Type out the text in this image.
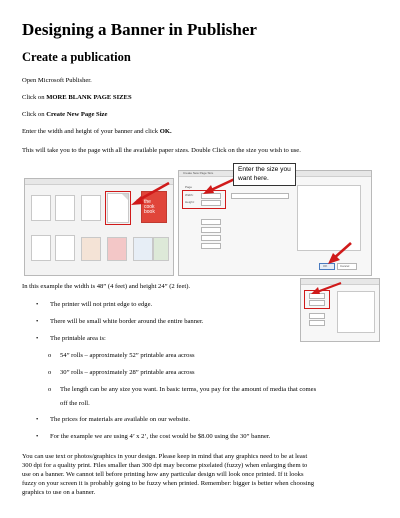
Designing a Banner in Publisher
Create a publication
Open Microsoft Publisher.
Click on MORE BLANK PAGE SIZES
Click on Create New Page Size
Enter the width and height of your banner and click OK.
This will take you to the page with all the available paper sizes. Double Click on the size you wish to use.
the
cook
book
Create New Page Size
Page
Width:
Height:
OK	Cancel
Enter the size you
want here.
In this example the width is 48” (4 feet) and height 24” (2 feet).
• The printer will not print edge to edge.
• There will be small white border around the entire banner.
• The printable area is:
o 54” rolls – approximately 52” printable area across
o 30” rolls – approximately 28” printable area across
o The length can be any size you want. In basic terms, you pay for the amount of media that comes
off the roll.
• The prices for materials are available on our website.
• For the example we are using 4’ x 2’, the cost would be $8.00 using the 30” banner.
You can use text or photos/graphics in your design. Please keep in mind that any graphics need to be at least
300 dpi for a quality print. Files smaller than 300 dpi may become pixelated (fuzzy) when enlarging them to
use on a banner. We cannot tell before printing how any particular design will look once printed. If it looks
fuzzy on your screen it is probably going to be fuzzy when printed. Remember: bigger is better when choosing
graphics to use on a banner.
